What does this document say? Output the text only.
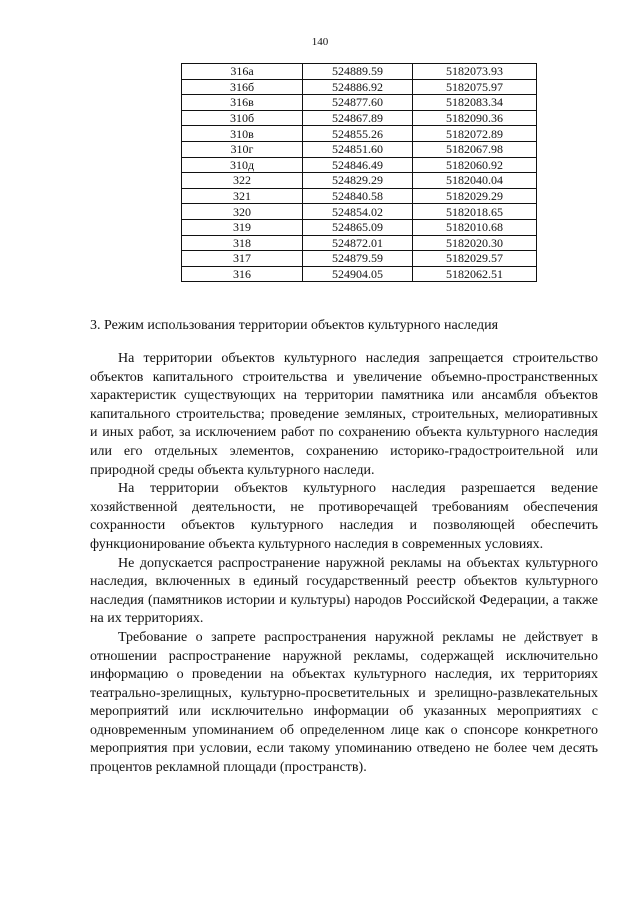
140
316а	524889.59	5182073.93
316б	524886.92	5182075.97
316в	524877.60	5182083.34
310б	524867.89	5182090.36
310в	524855.26	5182072.89
310г	524851.60	5182067.98
310д	524846.49	5182060.92
322	524829.29	5182040.04
321	524840.58	5182029.29
320	524854.02	5182018.65
319	524865.09	5182010.68
318	524872.01	5182020.30
317	524879.59	5182029.57
316	524904.05	5182062.51
3. Режим использования территории объектов культурного наследия

На территории объектов культурного наследия запрещается строительство объектов капитального строительства и увеличение объемно-пространственных характеристик существующих на территории памятника или ансамбля объектов капитального строительства; проведение земляных, строительных, мелиоративных и иных работ, за исключением работ по сохранению объекта культурного наследия или его отдельных элементов, сохранению историко-градостроительной или природной среды объекта культурного наследи.

На территории объектов культурного наследия разрешается ведение хозяйственной деятельности, не противоречащей требованиям обеспечения сохранности объектов культурного наследия и позволяющей обеспечить функционирование объекта культурного наследия в современных условиях.

Не допускается распространение наружной рекламы на объектах культурного наследия, включенных в единый государственный реестр объектов культурного наследия (памятников истории и культуры) народов Российской Федерации, а также на их территориях.

Требование о запрете распространения наружной рекламы не действует в отношении распространение наружной рекламы, содержащей исключительно информацию о проведении на объектах культурного наследия, их территориях театрально-зрелищных, культурно-просветительных и зрелищно-развлекательных мероприятий или исключительно информации об указанных мероприятиях с одновременным упоминанием об определенном лице как о спонсоре конкретного мероприятия при условии, если такому упоминанию отведено не более чем десять процентов рекламной площади (пространств).
